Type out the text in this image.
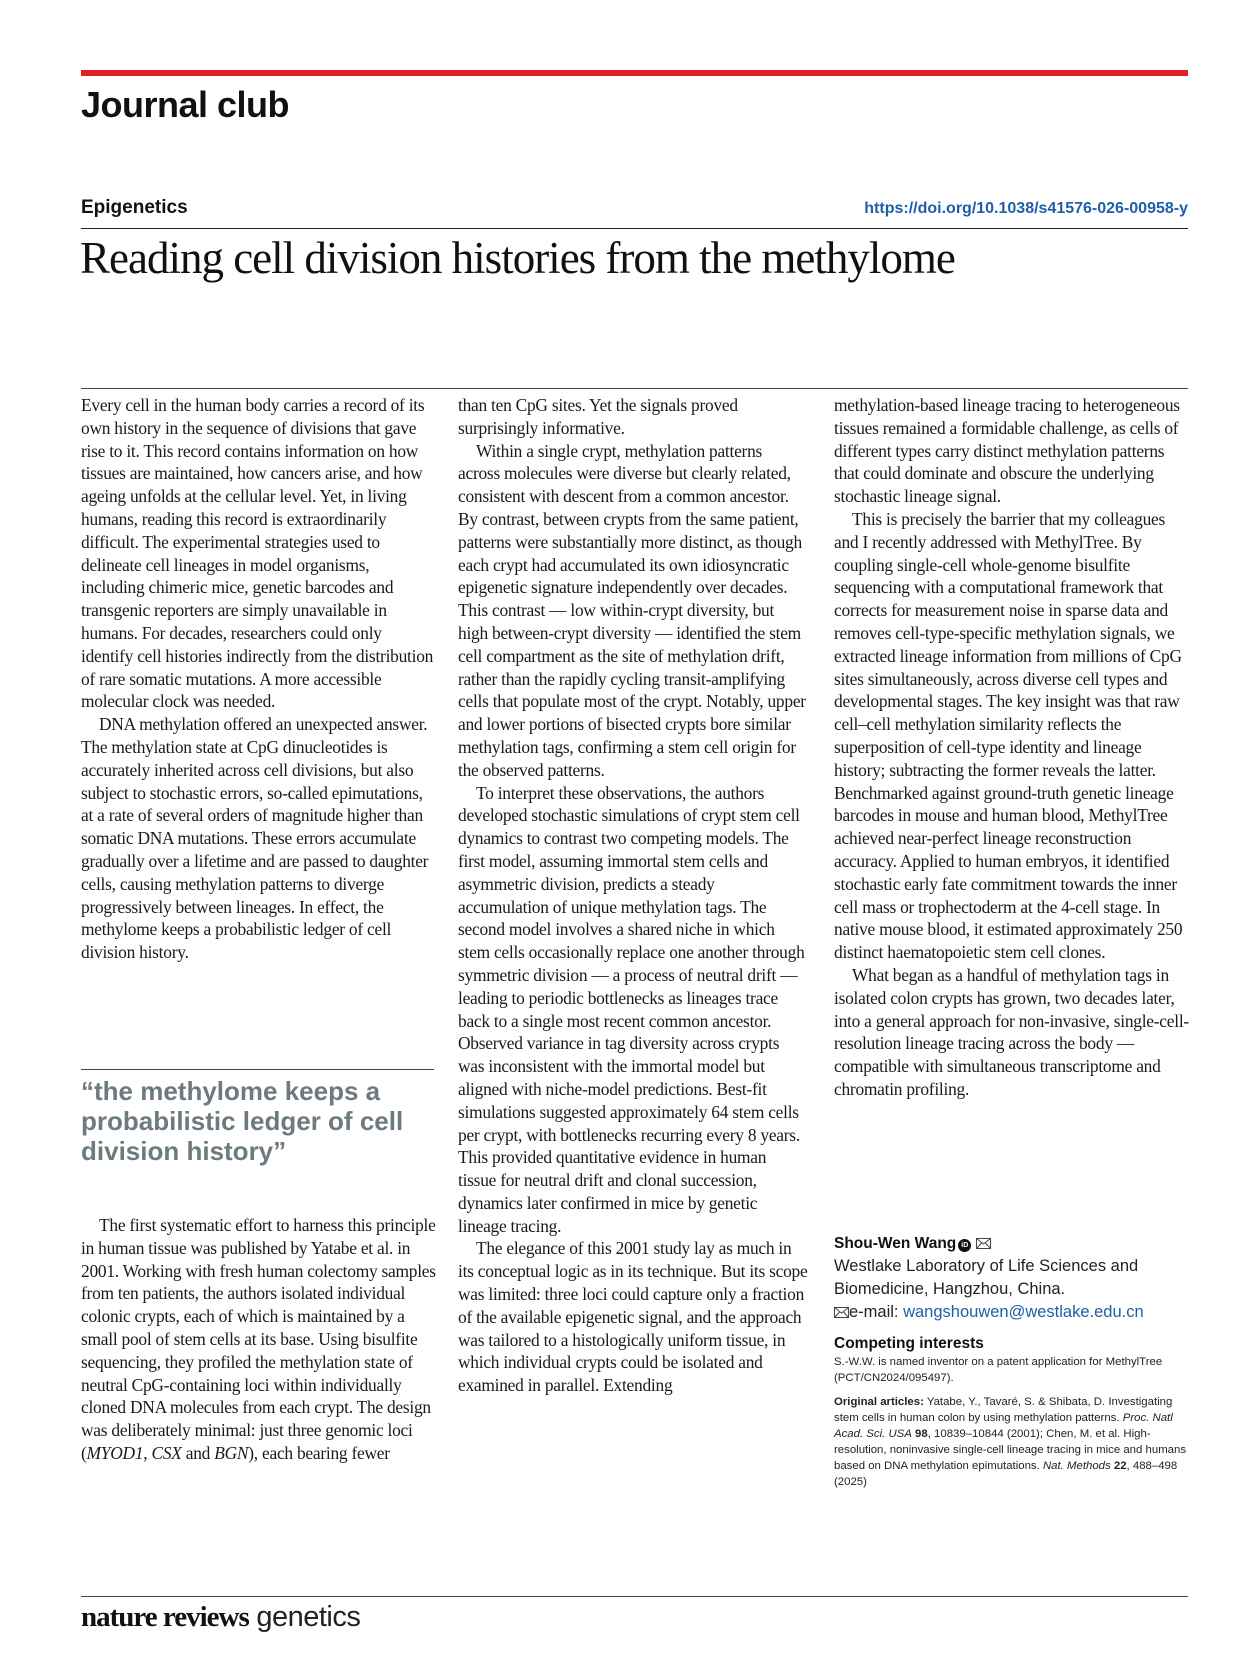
Journal club
Epigenetics	https://doi.org/10.1038/s41576-026-00958-y
Reading cell division histories from the methylome

Every cell in the human body carries a record of its own history in the sequence of divisions that gave rise to it. This record contains information on how tissues are maintained, how cancers arise, and how ageing unfolds at the cellular level. Yet, in living humans, reading this record is extraordinarily difficult. The experimental strategies used to delineate cell lineages in model organisms, including chimeric mice, genetic barcodes and transgenic reporters are simply unavailable in humans. For decades, researchers could only identify cell histories indirectly from the distribution of rare somatic mutations. A more accessible molecular clock was needed.

DNA methylation offered an unexpected answer. The methylation state at CpG dinucleotides is accurately inherited across cell divisions, but also subject to stochastic errors, so-called epimutations, at a rate of several orders of magnitude higher than somatic DNA mutations. These errors accumulate gradually over a lifetime and are passed to daughter cells, causing methylation patterns to diverge progressively between lineages. In effect, the methylome keeps a probabilistic ledger of cell division history.

“the methylome keeps a probabilistic ledger of cell division history”

The first systematic effort to harness this principle in human tissue was published by Yatabe et al. in 2001. Working with fresh human colectomy samples from ten patients, the authors isolated individual colonic crypts, each of which is maintained by a small pool of stem cells at its base. Using bisulfite sequencing, they profiled the methylation state of neutral CpG-containing loci within individually cloned DNA molecules from each crypt. The design was deliberately minimal: just three genomic loci (MYOD1, CSX and BGN), each bearing fewer

than ten CpG sites. Yet the signals proved surprisingly informative.

Within a single crypt, methylation patterns across molecules were diverse but clearly related, consistent with descent from a common ancestor. By contrast, between crypts from the same patient, patterns were substantially more distinct, as though each crypt had accumulated its own idiosyncratic epigenetic signature independently over decades. This contrast — low within-crypt diversity, but high between-crypt diversity — identified the stem cell compartment as the site of methylation drift, rather than the rapidly cycling transit-amplifying cells that populate most of the crypt. Notably, upper and lower portions of bisected crypts bore similar methylation tags, confirming a stem cell origin for the observed patterns.

To interpret these observations, the authors developed stochastic simulations of crypt stem cell dynamics to contrast two competing models. The first model, assuming immortal stem cells and asymmetric division, predicts a steady accumulation of unique methylation tags. The second model involves a shared niche in which stem cells occasionally replace one another through symmetric division — a process of neutral drift — leading to periodic bottlenecks as lineages trace back to a single most recent common ancestor. Observed variance in tag diversity across crypts was inconsistent with the immortal model but aligned with niche-model predictions. Best-fit simulations suggested approximately 64 stem cells per crypt, with bottlenecks recurring every 8 years. This provided quantitative evidence in human tissue for neutral drift and clonal succession, dynamics later confirmed in mice by genetic lineage tracing.

The elegance of this 2001 study lay as much in its conceptual logic as in its technique. But its scope was limited: three loci could capture only a fraction of the available epigenetic signal, and the approach was tailored to a histologically uniform tissue, in which individual crypts could be isolated and examined in parallel. Extending

methylation-based lineage tracing to heterogeneous tissues remained a formidable challenge, as cells of different types carry distinct methylation patterns that could dominate and obscure the underlying stochastic lineage signal.

This is precisely the barrier that my colleagues and I recently addressed with MethylTree. By coupling single-cell whole-genome bisulfite sequencing with a computational framework that corrects for measurement noise in sparse data and removes cell-type-specific methylation signals, we extracted lineage information from millions of CpG sites simultaneously, across diverse cell types and developmental stages. The key insight was that raw cell–cell methylation similarity reflects the superposition of cell-type identity and lineage history; subtracting the former reveals the latter. Benchmarked against ground-truth genetic lineage barcodes in mouse and human blood, MethylTree achieved near-perfect lineage reconstruction accuracy. Applied to human embryos, it identified stochastic early fate commitment towards the inner cell mass or trophectoderm at the 4-cell stage. In native mouse blood, it estimated approximately 250 distinct haematopoietic stem cell clones.

What began as a handful of methylation tags in isolated colon crypts has grown, two decades later, into a general approach for non-invasive, single-cell-resolution lineage tracing across the body — compatible with simultaneous transcriptome and chromatin profiling.

Shou-Wen Wang iD
Westlake Laboratory of Life Sciences and Biomedicine, Hangzhou, China.
e-mail: wangshouwen@westlake.edu.cn
Competing interests
S.-W.W. is named inventor on a patent application for MethylTree (PCT/CN2024/095497).
Original articles: Yatabe, Y., Tavaré, S. & Shibata, D. Investigating stem cells in human colon by using methylation patterns. Proc. Natl Acad. Sci. USA 98, 10839–10844 (2001); Chen, M. et al. High-resolution, noninvasive single-cell lineage tracing in mice and humans based on DNA methylation epimutations. Nat. Methods 22, 488–498 (2025)
nature reviews genetics
